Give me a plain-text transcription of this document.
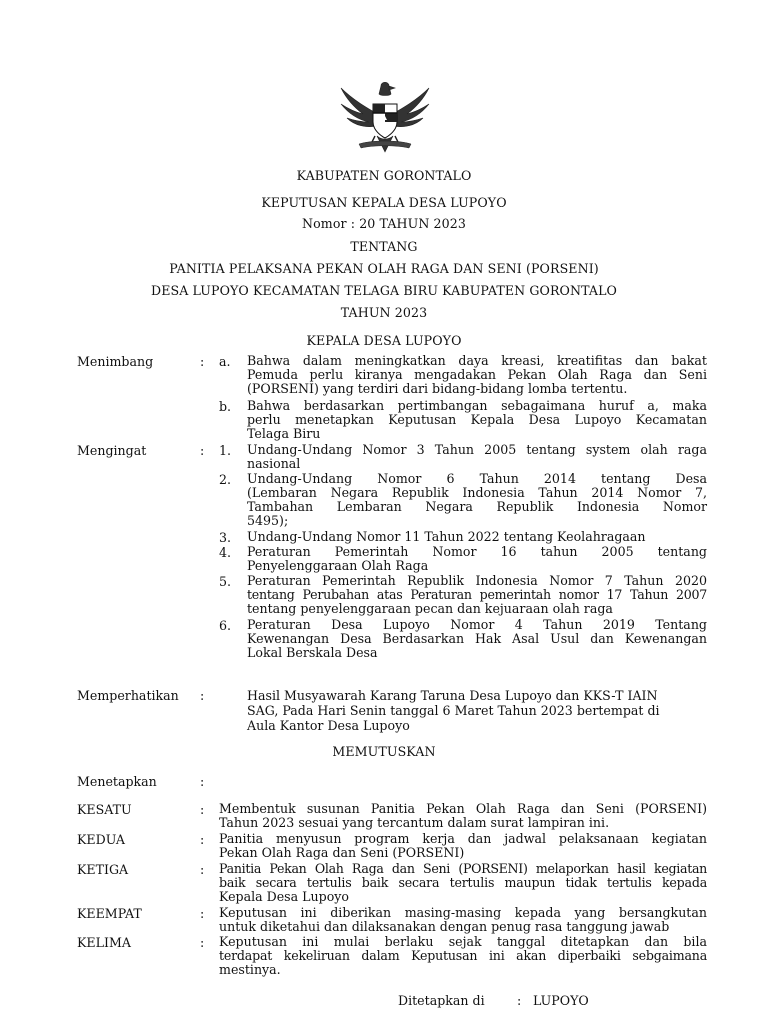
KABUPATEN GORONTALO
KEPUTUSAN KEPALA DESA LUPOYO
Nomor : 20 TAHUN 2023
TENTANG
PANITIA PELAKSANA PEKAN OLAH RAGA DAN SENI (PORSENI)
DESA LUPOYO KECAMATAN TELAGA BIRU KABUPATEN GORONTALO
TAHUN 2023
KEPALA DESA LUPOYO
Menimbang	: a. Bahwa dalam meningkatkan daya kreasi, kreatifitas dan bakat
Pemuda perlu kiranya mengadakan Pekan Olah Raga dan Seni
(PORSENI) yang terdiri dari bidang-bidang lomba tertentu.
b. Bahwa berdasarkan pertimbangan sebagaimana huruf a, maka
perlu menetapkan Keputusan Kepala Desa Lupoyo Kecamatan
Telaga Biru
Mengingat	: 1. Undang-Undang Nomor 3 Tahun 2005 tentang system olah raga
nasional
2. Undang-Undang Nomor 6 Tahun 2014 tentang Desa
(Lembaran Negara Republik Indonesia Tahun 2014 Nomor 7,
Tambahan Lembaran Negara Republik Indonesia Nomor
5495);
3. Undang-Undang Nomor 11 Tahun 2022 tentang Keolahragaan
4. Peraturan Pemerintah Nomor 16 tahun 2005 tentang
Penyelenggaraan Olah Raga
5. Peraturan Pemerintah Republik Indonesia Nomor 7 Tahun 2020
tentang Perubahan atas Peraturan pemerintah nomor 17 Tahun 2007
tentang penyelenggaraan pecan dan kejuaraan olah raga
6. Peraturan Desa Lupoyo Nomor 4 Tahun 2019 Tentang
Kewenangan Desa Berdasarkan Hak Asal Usul dan Kewenangan
Lokal Berskala Desa
Memperhatikan :	Hasil Musyawarah Karang Taruna Desa Lupoyo dan KKS-T IAIN
SAG, Pada Hari Senin tanggal 6 Maret Tahun 2023 bertempat di
Aula Kantor Desa Lupoyo
MEMUTUSKAN
Menetapkan	:
KESATU	: Membentuk susunan Panitia Pekan Olah Raga dan Seni (PORSENI)
Tahun 2023 sesuai yang tercantum dalam surat lampiran ini.
KEDUA	: Panitia menyusun program kerja dan jadwal pelaksanaan kegiatan
Pekan Olah Raga dan Seni (PORSENI)
KETIGA	: Panitia Pekan Olah Raga dan Seni (PORSENI) melaporkan hasil kegiatan
baik secara tertulis baik secara tertulis maupun tidak tertulis kepada
Kepala Desa Lupoyo
KEEMPAT	: Keputusan ini diberikan masing-masing kepada yang bersangkutan
untuk diketahui dan dilaksanakan dengan penug rasa tanggung jawab
KELIMA	: Keputusan ini mulai berlaku sejak tanggal ditetapkan dan bila
terdapat kekeliruan dalam Keputusan ini akan diperbaiki sebgaimana
mestinya.
Ditetapkan di	: LUPOYO
